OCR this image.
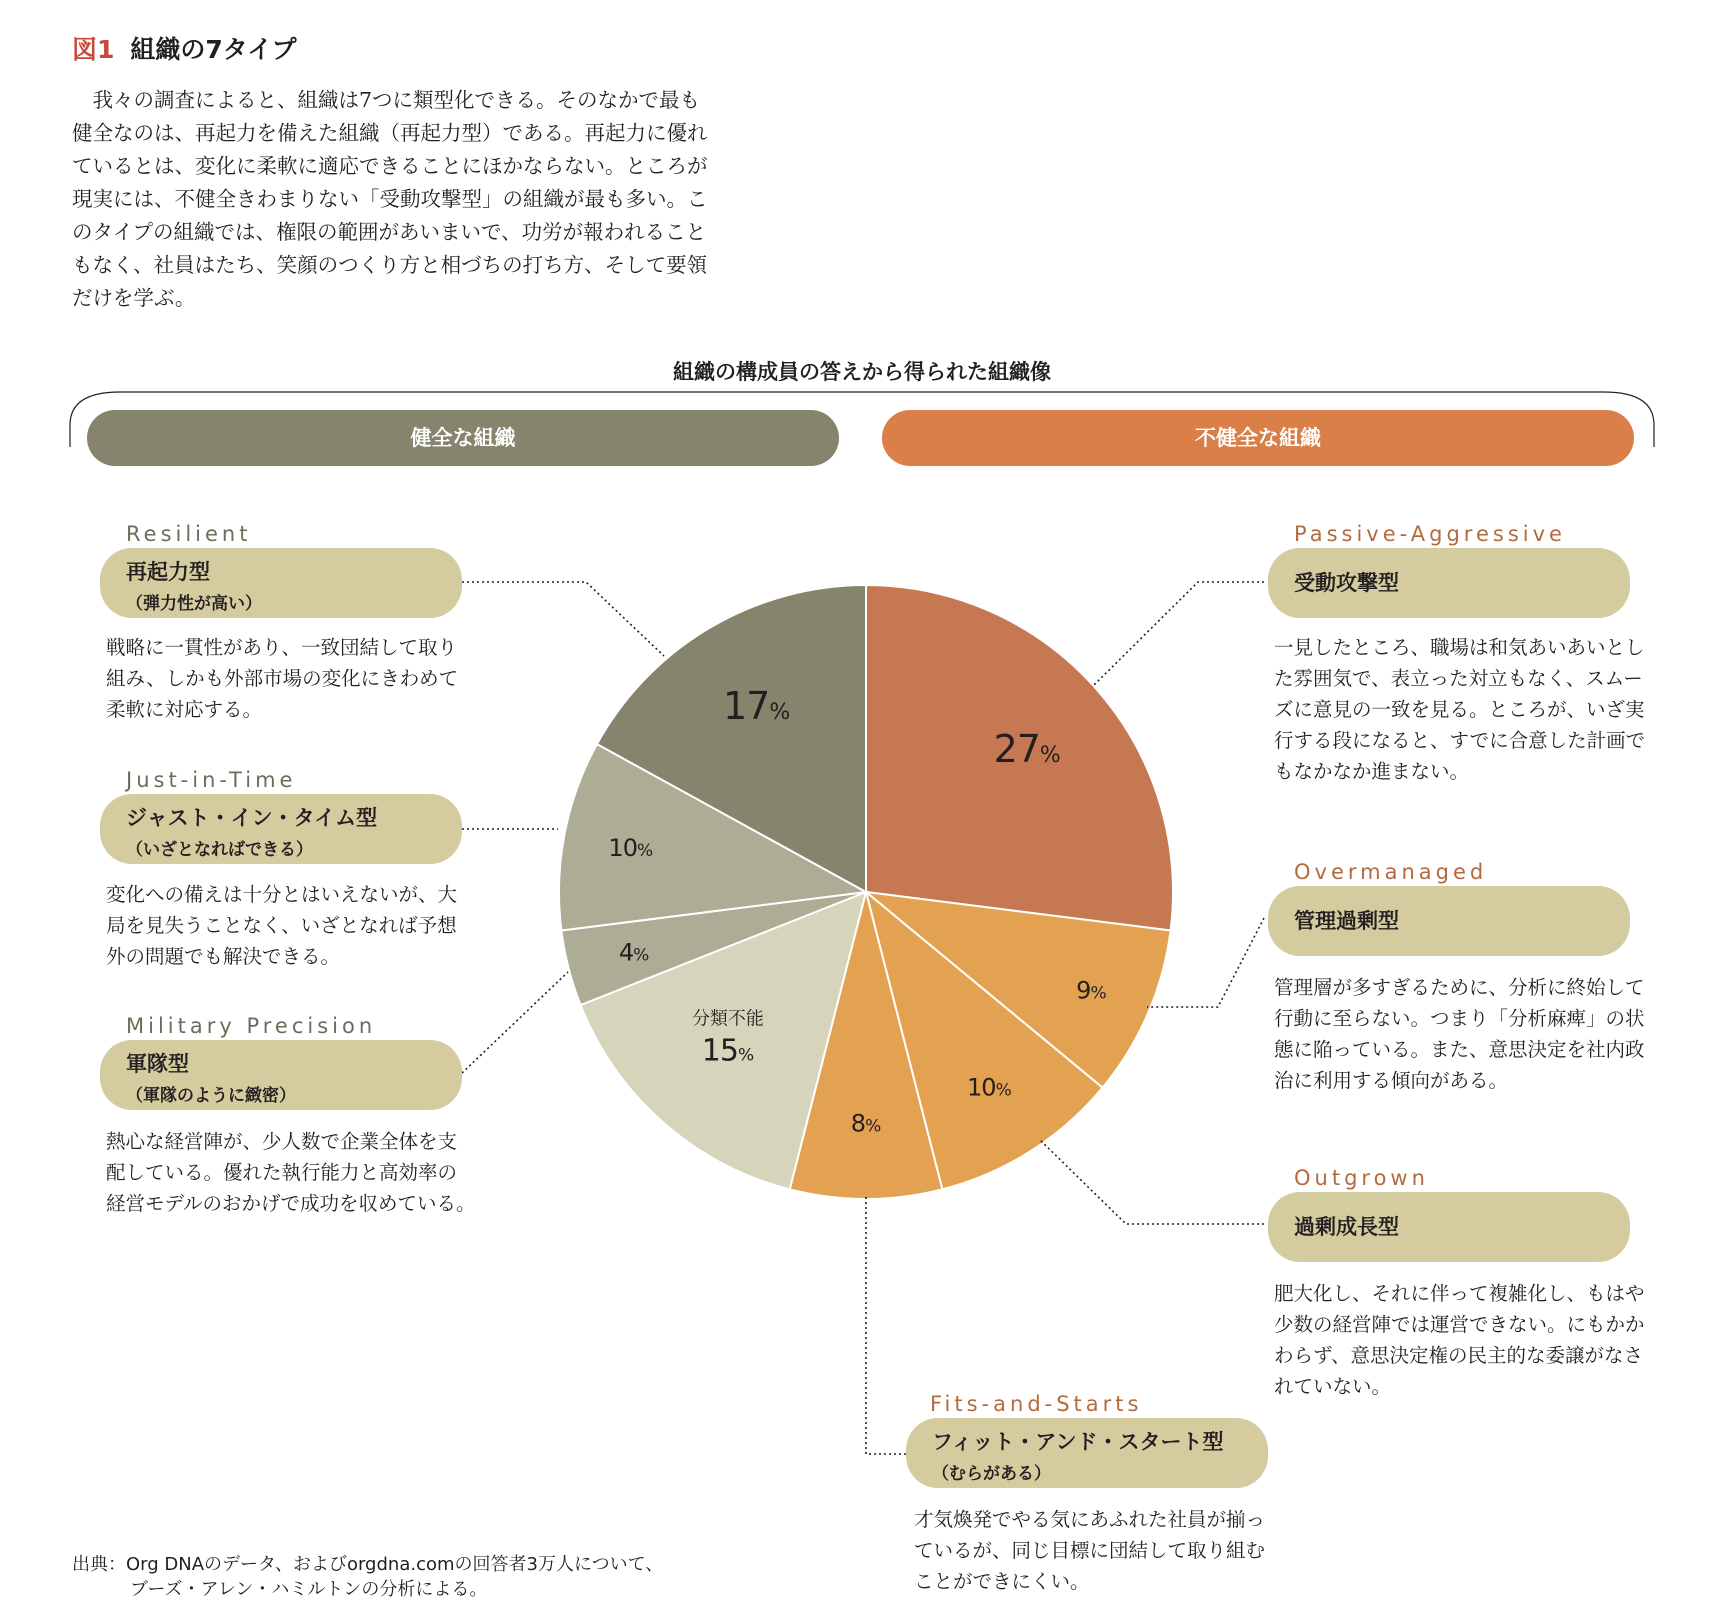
図1 組織の7タイプ

我々の調査によると、組織は7つに類型化できる。そのなかで最も健全なのは、再起力を備えた組織（再起力型）である。再起力に優れているとは、変化に柔軟に適応できることにほかならない。ところが現実には、不健全きわまりない「受動攻撃型」の組織が最も多い。このタイプの組織では、権限の範囲があいまいで、功労が報われることもなく、社員はたち、笑顔のつくり方と相づちの打ち方、そして要領だけを学ぶ。

組織の構成員の答えから得られた組織像
健全な組織	不健全な組織
27%
9%
10%
8%
15%
分類不能
4%
10%
17%
Resilient
再起力型
（弾力性が高い）
戦略に一貫性があり、一致団結して取り組み、しかも外部市場の変化にきわめて柔軟に対応する。
Just-in-Time
ジャスト・イン・タイム型
（いざとなればできる）
変化への備えは十分とはいえないが、大局を見失うことなく、いざとなれば予想外の問題でも解決できる。
Military Precision
軍隊型
（軍隊のように緻密）
熱心な経営陣が、少人数で企業全体を支配している。優れた執行能力と高効率の経営モデルのおかげで成功を収めている。
Passive-Aggressive
受動攻撃型
一見したところ、職場は和気あいあいとした雰囲気で、表立った対立もなく、スムーズに意見の一致を見る。ところが、いざ実行する段になると、すでに合意した計画でもなかなか進まない。
Overmanaged
管理過剰型
管理層が多すぎるために、分析に終始して行動に至らない。つまり「分析麻痺」の状態に陥っている。また、意思決定を社内政治に利用する傾向がある。
Outgrown
過剰成長型
肥大化し、それに伴って複雑化し、もはや少数の経営陣では運営できない。にもかかわらず、意思決定権の民主的な委譲がなされていない。
Fits-and-Starts
フィット・アンド・スタート型
（むらがある）
才気煥発でやる気にあふれた社員が揃っているが、同じ目標に団結して取り組むことができにくい。
出典：Org DNAのデータ、およびorgdna.comの回答者3万人について、
ブーズ・アレン・ハミルトンの分析による。
